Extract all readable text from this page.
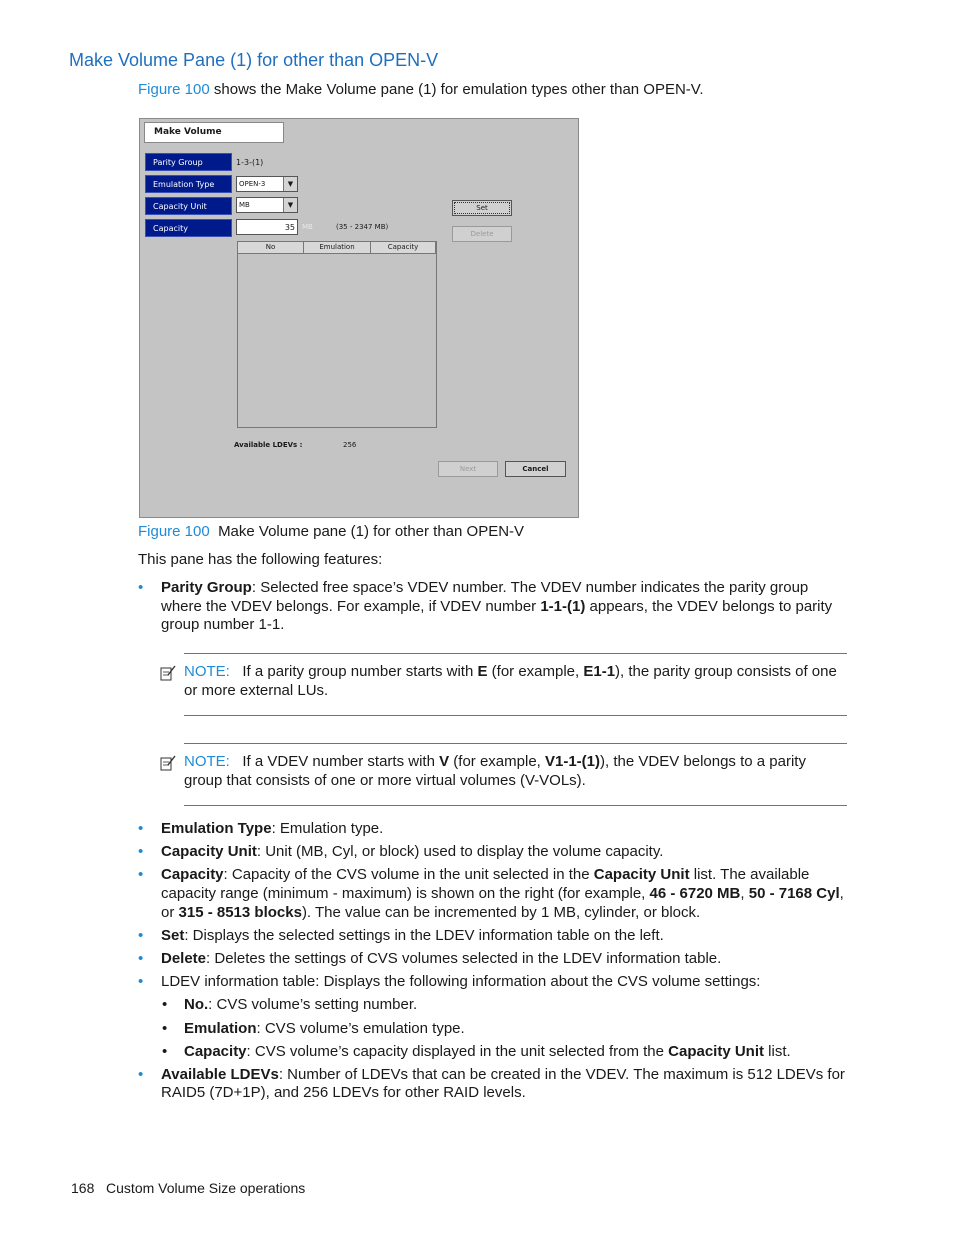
Make Volume Pane (1) for other than OPEN-V
Figure 100 shows the Make Volume pane (1) for emulation types other than OPEN-V.
Make Volume
Parity Group	1-3-(1)
Emulation Type	OPEN-3	▼
Capacity Unit	MB	▼
Capacity	35	MB	(35 - 2347 MB)
Set
Delete
No	Emulation	Capacity
Available LDEVs :	256
Next	Cancel
Figure 100 Make Volume pane (1) for other than OPEN-V
This pane has the following features:
• Parity Group: Selected free space’s VDEV number. The VDEV number indicates the parity group where the VDEV belongs. For example, if VDEV number 1-1-(1) appears, the VDEV belongs to parity group number 1-1.
NOTE: If a parity group number starts with E (for example, E1-1), the parity group consists of one or more external LUs.
NOTE: If a VDEV number starts with V (for example, V1-1-(1)), the VDEV belongs to a parity group that consists of one or more virtual volumes (V-VOLs).
• Emulation Type: Emulation type.
• Capacity Unit: Unit (MB, Cyl, or block) used to display the volume capacity.
• Capacity: Capacity of the CVS volume in the unit selected in the Capacity Unit list. The available capacity range (minimum - maximum) is shown on the right (for example, 46 - 6720 MB, 50 - 7168 Cyl, or 315 - 8513 blocks). The value can be incremented by 1 MB, cylinder, or block.
• Set: Displays the selected settings in the LDEV information table on the left.
• Delete: Deletes the settings of CVS volumes selected in the LDEV information table.
• LDEV information table: Displays the following information about the CVS volume settings:
• No.: CVS volume’s setting number.
• Emulation: CVS volume’s emulation type.
• Capacity: CVS volume’s capacity displayed in the unit selected from the Capacity Unit list.
• Available LDEVs: Number of LDEVs that can be created in the VDEV. The maximum is 512 LDEVs for RAID5 (7D+1P), and 256 LDEVs for other RAID levels.
168 Custom Volume Size operations
